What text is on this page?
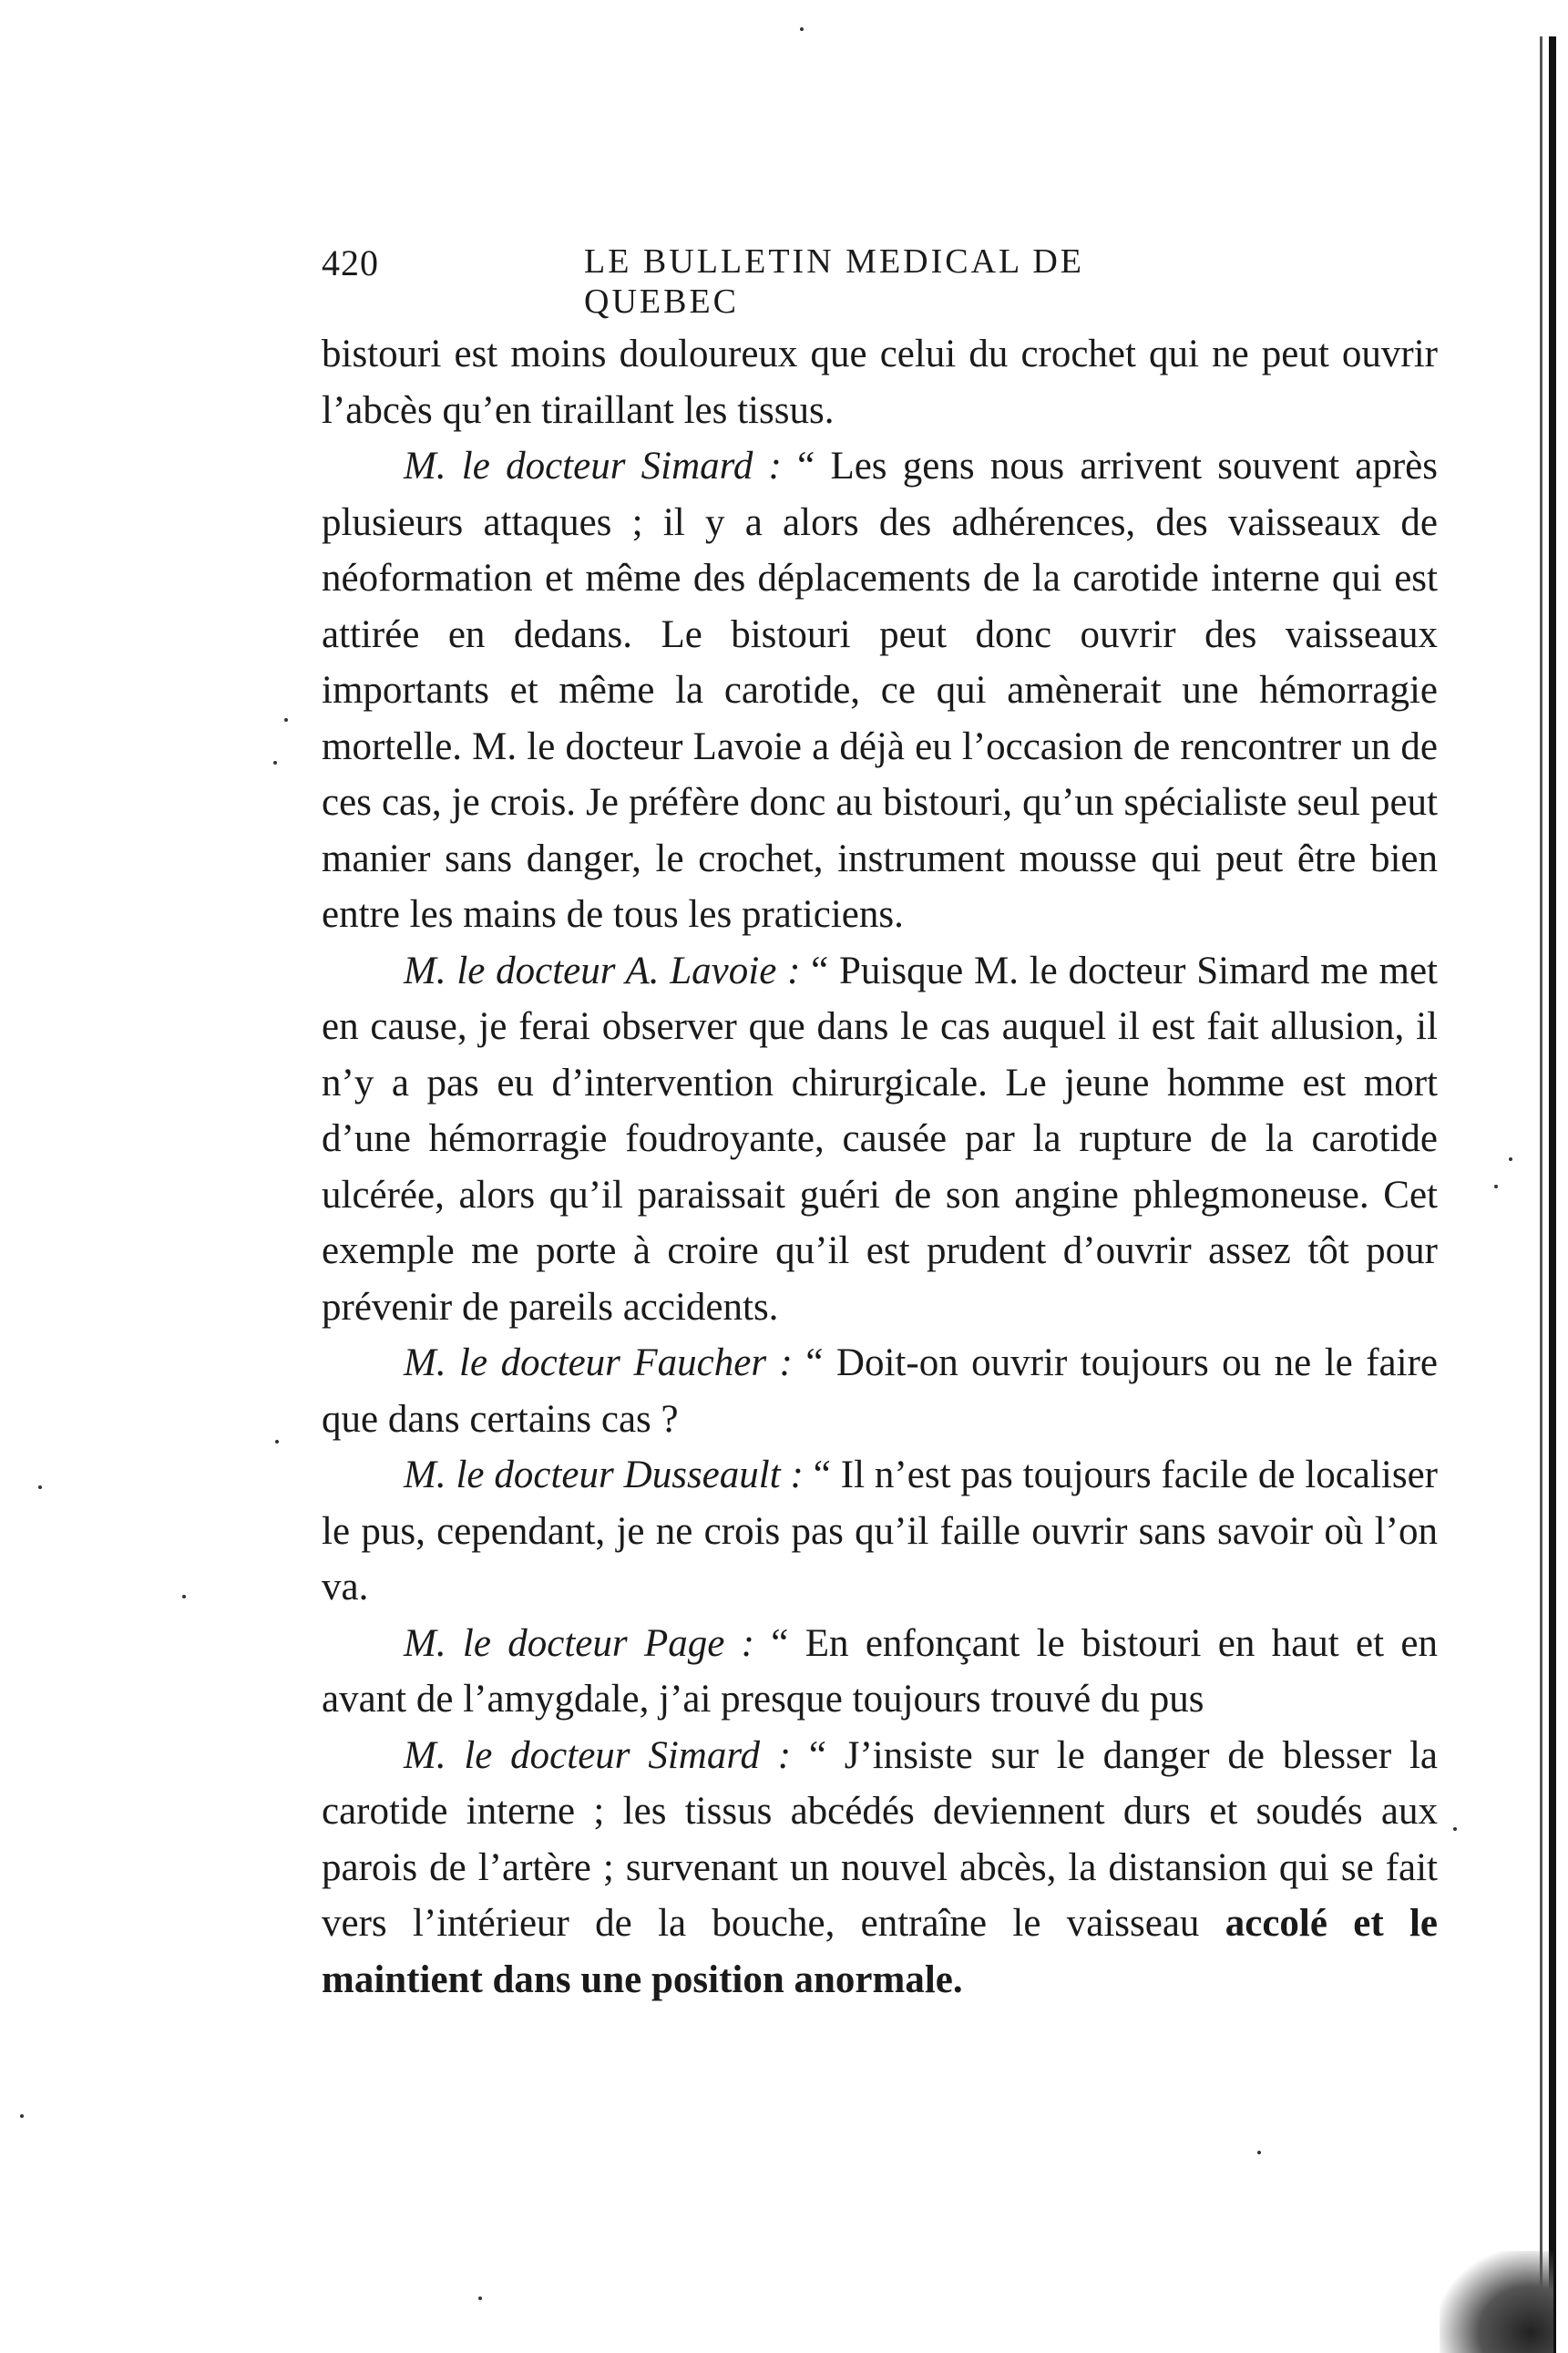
420	LE BULLETIN MEDICAL DE QUEBEC

bistouri est moins douloureux que celui du crochet qui ne peut ouvrir l’abcès qu’en tiraillant les tissus.

M. le docteur Simard : “ Les gens nous arrivent souvent après plusieurs attaques ; il y a alors des adhérences, des vaisseaux de néoformation et même des déplacements de la carotide interne qui est attirée en dedans. Le bistouri peut donc ouvrir des vaisseaux importants et même la carotide, ce qui amènerait une hémorragie mortelle. M. le docteur Lavoie a déjà eu l’occasion de rencontrer un de ces cas, je crois. Je préfère donc au bistouri, qu’un spécialiste seul peut manier sans danger, le crochet, instrument mousse qui peut être bien entre les mains de tous les praticiens.

M. le docteur A. Lavoie : “ Puisque M. le docteur Simard me met en cause, je ferai observer que dans le cas auquel il est fait allusion, il n’y a pas eu d’intervention chirurgicale. Le jeune homme est mort d’une hémorragie foudroyante, causée par la rupture de la carotide ulcérée, alors qu’il paraissait guéri de son angine phlegmoneuse. Cet exemple me porte à croire qu’il est prudent d’ouvrir assez tôt pour prévenir de pareils accidents.

M. le docteur Faucher : “ Doit-on ouvrir toujours ou ne le faire que dans certains cas ?

M. le docteur Dusseault : “ Il n’est pas toujours facile de localiser le pus, cependant, je ne crois pas qu’il faille ouvrir sans savoir où l’on va.

M. le docteur Page : “ En enfonçant le bistouri en haut et en avant de l’amygdale, j’ai presque toujours trouvé du pus

M. le docteur Simard : “ J’insiste sur le danger de blesser la carotide interne ; les tissus abcédés deviennent durs et soudés aux parois de l’artère ; survenant un nouvel abcès, la distansion qui se fait vers l’intérieur de la bouche, entraîne le vaisseau accolé et le maintient dans une position anormale.
